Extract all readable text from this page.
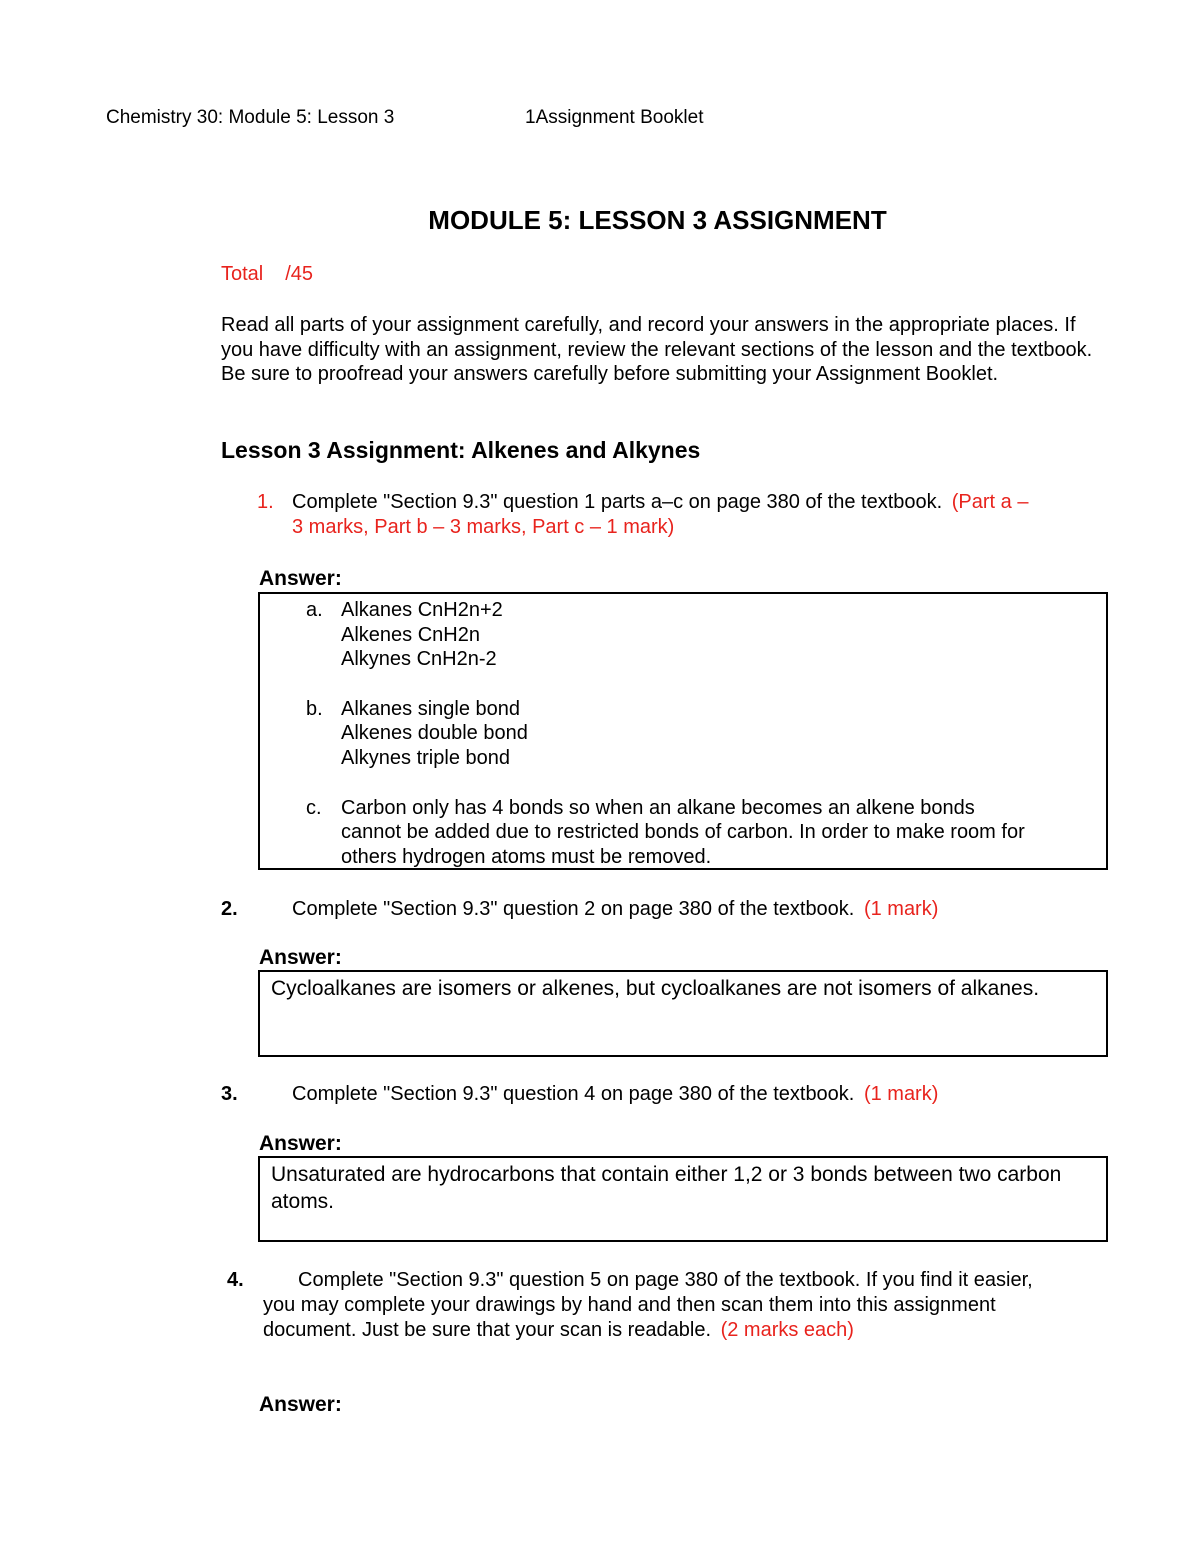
Chemistry 30: Module 5: Lesson 3	1Assignment Booklet
MODULE 5: LESSON 3 ASSIGNMENT
Total /45
Read all parts of your assignment carefully, and record your answers in the appropriate places. If you have difficulty with an assignment, review the relevant sections of the lesson and the textbook. Be sure to proofread your answers carefully before submitting your Assignment Booklet.
Lesson 3 Assignment: Alkenes and Alkynes
1. Complete "Section 9.3" question 1 parts a–c on page 380 of the textbook. (Part a –
3 marks, Part b – 3 marks, Part c – 1 mark)
Answer:
a. Alkanes CnH2n+2
Alkenes CnH2n
Alkynes CnH2n-2
b. Alkanes single bond
Alkenes double bond
Alkynes triple bond
c. Carbon only has 4 bonds so when an alkane becomes an alkene bonds
cannot be added due to restricted bonds of carbon. In order to make room for
others hydrogen atoms must be removed.
2.	Complete "Section 9.3" question 2 on page 380 of the textbook. (1 mark)
Answer:
Cycloalkanes are isomers or alkenes, but cycloalkanes are not isomers of alkanes.
3.	Complete "Section 9.3" question 4 on page 380 of the textbook. (1 mark)
Answer:
Unsaturated are hydrocarbons that contain either 1,2 or 3 bonds between two carbon atoms.
4.	Complete "Section 9.3" question 5 on page 380 of the textbook. If you find it easier,
you may complete your drawings by hand and then scan them into this assignment
document. Just be sure that your scan is readable. (2 marks each)
Answer:
